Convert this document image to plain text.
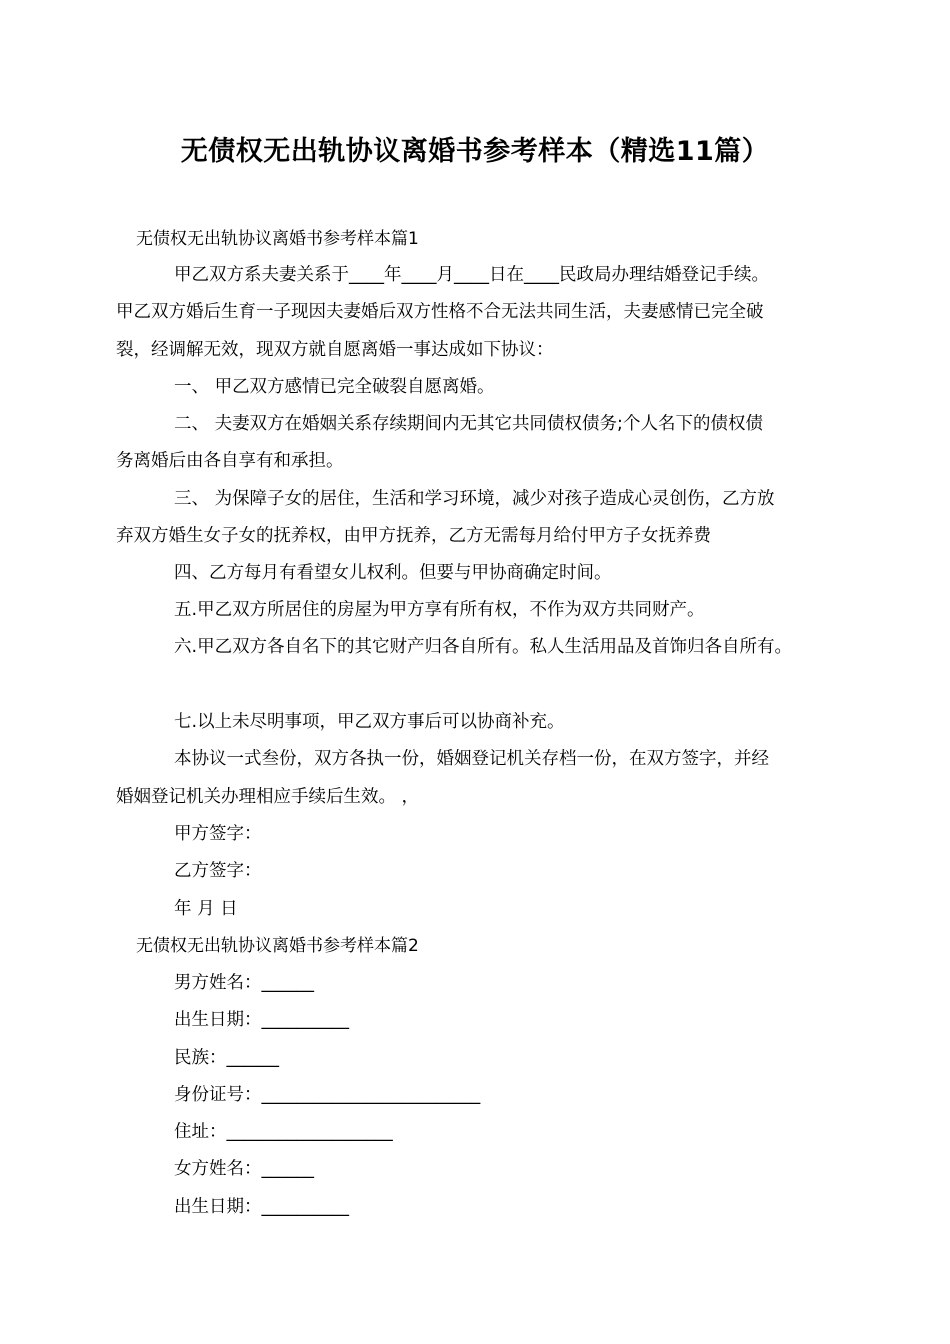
无债权无出轨协议离婚书参考样本（精选11篇）
无债权无出轨协议离婚书参考样本篇1
甲乙双方系夫妻关系于____年____月____日在____民政局办理结婚登记手续。
甲乙双方婚后生育一子现因夫妻婚后双方性格不合无法共同生活，夫妻感情已完全破
裂，经调解无效，现双方就自愿离婚一事达成如下协议：
一、 甲乙双方感情已完全破裂自愿离婚。
二、 夫妻双方在婚姻关系存续期间内无其它共同债权债务;个人名下的债权债
务离婚后由各自享有和承担。
三、 为保障子女的居住，生活和学习环境，减少对孩子造成心灵创伤，乙方放
弃双方婚生女子女的抚养权，由甲方抚养，乙方无需每月给付甲方子女抚养费
四、乙方每月有看望女儿权利。但要与甲协商确定时间。
五.甲乙双方所居住的房屋为甲方享有所有权，不作为双方共同财产。
六.甲乙双方各自名下的其它财产归各自所有。私人生活用品及首饰归各自所有。
七.以上未尽明事项，甲乙双方事后可以协商补充。
本协议一式叁份，双方各执一份，婚姻登记机关存档一份，在双方签字，并经
婚姻登记机关办理相应手续后生效。 ，
甲方签字：
乙方签字：
年 月 日
无债权无出轨协议离婚书参考样本篇2
男方姓名：______
出生日期：__________
民族：______
身份证号：_________________________
住址：___________________
女方姓名：______
出生日期：__________
